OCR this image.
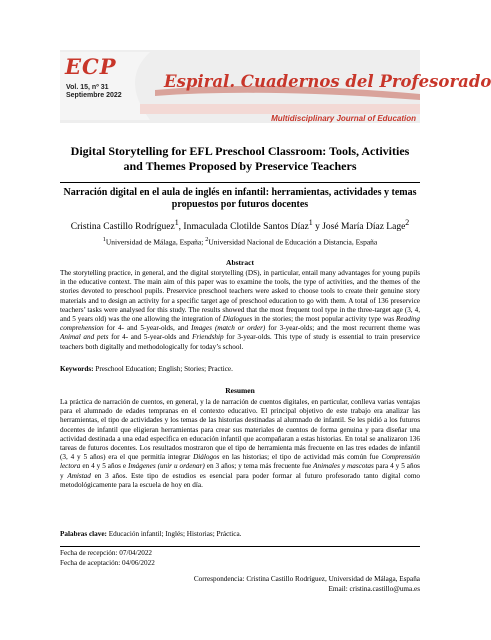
ECP
Vol. 15, nº 31
Septiembre 2022
Espiral. Cuadernos del Profesorado
Multidisciplinary Journal of Education
Digital Storytelling for EFL Preschool Classroom: Tools, Activities and Themes Proposed by Preservice Teachers
Narración digital en el aula de inglés en infantil: herramientas, actividades y temas propuestos por futuros docentes
Cristina Castillo Rodríguez$^1$, Inmaculada Clotilde Santos Díaz$^1$ y José María Díaz Lage$^2$
$^1$Universidad de Málaga, España; $^2$Universidad Nacional de Educación a Distancia, España
Abstract

The storytelling practice, in general, and the digital storytelling (DS), in particular, entail many advantages for young pupils in the educative context. The main aim of this paper was to examine the tools, the type of activities, and the themes of the stories devoted to preschool pupils. Preservice preschool teachers were asked to choose tools to create their genuine story materials and to design an activity for a specific target age of preschool education to go with them. A total of 136 preservice teachers’ tasks were analysed for this study. The results showed that the most frequent tool type in the three-target age (3, 4, and 5 years old) was the one allowing the integration of Dialogues in the stories; the most popular activity type was Reading comprehension for 4- and 5-year-olds, and Images (match or order) for 3-year-olds; and the most recurrent theme was Animal and pets for 4- and 5-year-olds and Friendship for 3-year-olds. This type of study is essential to train preservice teachers both digitally and methodologically for today’s school.

Keywords: Preschool Education; English; Stories; Practice.
Resumen

La práctica de narración de cuentos, en general, y la de narración de cuentos digitales, en particular, conlleva varias ventajas para el alumnado de edades tempranas en el contexto educativo. El principal objetivo de este trabajo era analizar las herramientas, el tipo de actividades y los temas de las historias destinadas al alumnado de infantil. Se les pidió a los futuros docentes de infantil que eligieran herramientas para crear sus materiales de cuentos de forma genuina y para diseñar una actividad destinada a una edad específica en educación infantil que acompañaran a estas historias. En total se analizaron 136 tareas de futuros docentes. Los resultados mostraron que el tipo de herramienta más frecuente en las tres edades de infantil (3, 4 y 5 años) era el que permitía integrar Diálogos en las historias; el tipo de actividad más común fue Comprensión lectora en 4 y 5 años e Imágenes (unir u ordenar) en 3 años; y tema más frecuente fue Animales y mascotas para 4 y 5 años y Amistad en 3 años. Este tipo de estudios es esencial para poder formar al futuro profesorado tanto digital como metodológicamente para la escuela de hoy en día.

Palabras clave: Educación infantil; Inglés; Historias; Práctica.
Fecha de recepción: 07/04/2022
Fecha de aceptación: 04/06/2022
Correspondencia: Cristina Castillo Rodríguez, Universidad de Málaga, España
Email: cristina.castillo@uma.es
